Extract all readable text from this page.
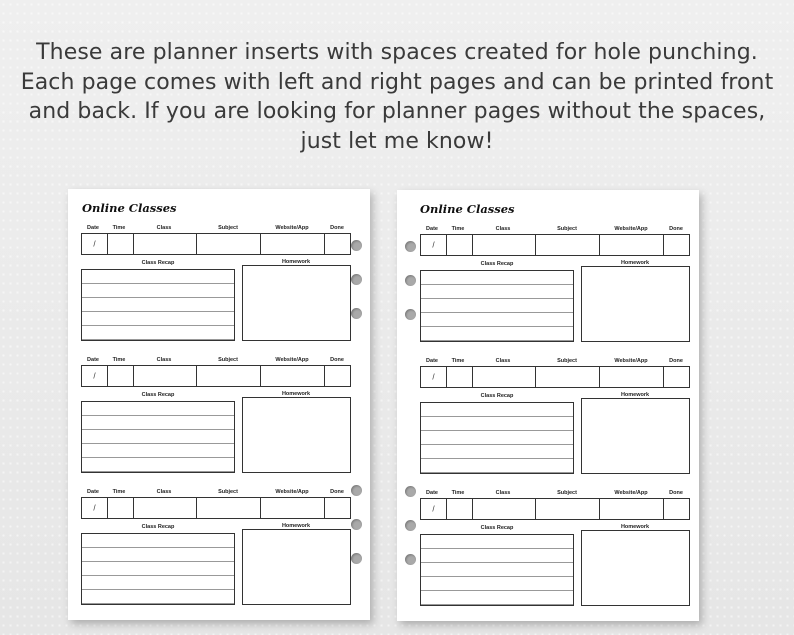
These are planner inserts with spaces created for hole punching. Each page comes with left and right pages and can be printed front and back. If you are looking for planner pages without the spaces, just let me know!
Online Classes
Date Time	Class	Subject	Website/App	Done
/
Class Recap	Homework
Date Time	Class	Subject	Website/App	Done
/
Class Recap	Homework
Date Time	Class	Subject	Website/App	Done
/
Class Recap	Homework
Online Classes
Date Time	Class	Subject	Website/App	Done
/
Class Recap	Homework
Date Time	Class	Subject	Website/App	Done
/
Class Recap	Homework
Date Time	Class	Subject	Website/App	Done
/
Class Recap	Homework
